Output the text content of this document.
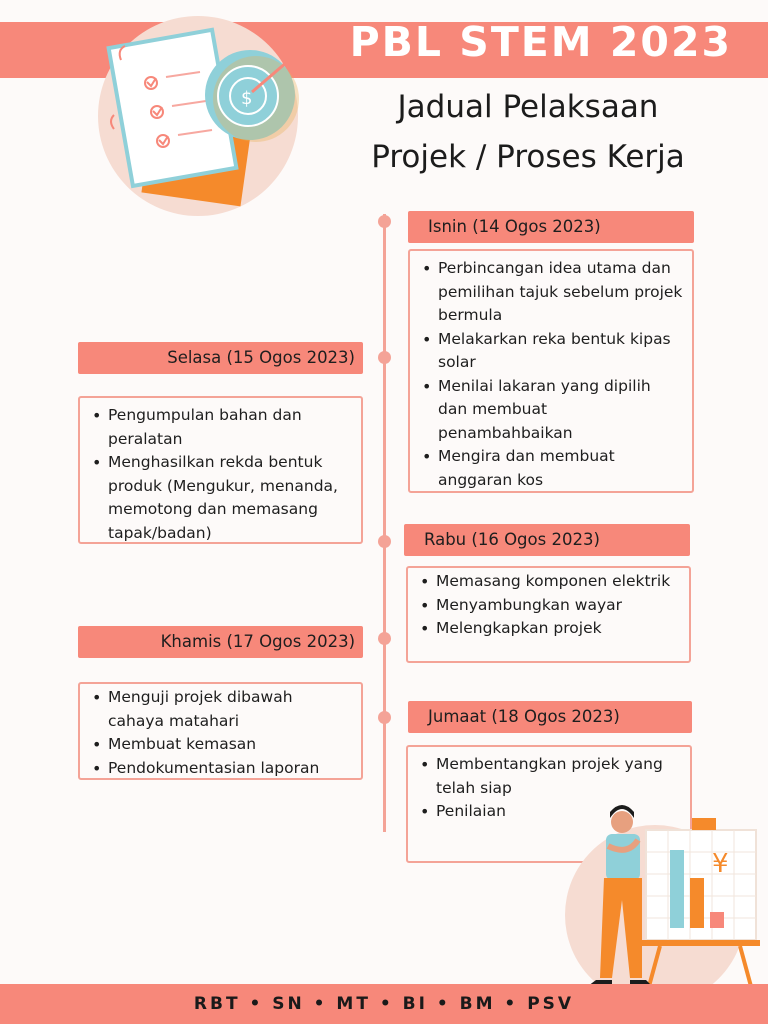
PBL STEM 2023
Jadual Pelaksaan
Projek / Proses Kerja
$
Isnin (14 Ogos 2023)
• Perbincangan idea utama dan pemilihan tajuk sebelum projek bermula
• Melakarkan reka bentuk kipas solar
• Menilai lakaran yang dipilih dan membuat penambahbaikan
• Mengira dan membuat anggaran kos
Selasa (15 Ogos 2023)
• Pengumpulan bahan dan peralatan
• Menghasilkan rekda bentuk produk (Mengukur, menanda, memotong dan memasang tapak/badan)	Rabu (16 Ogos 2023)
• Memasang komponen elektrik
• Menyambungkan wayar
• Melengkapkan projek
Khamis (17 Ogos 2023)
• Menguji projek dibawah cahaya matahari
• Membuat kemasan
• Pendokumentasian laporan
Jumaat (18 Ogos 2023)
• Membentangkan projek yang telah siap
• Penilaian
¥
RBT • SN • MT • BI • BM • PSV
